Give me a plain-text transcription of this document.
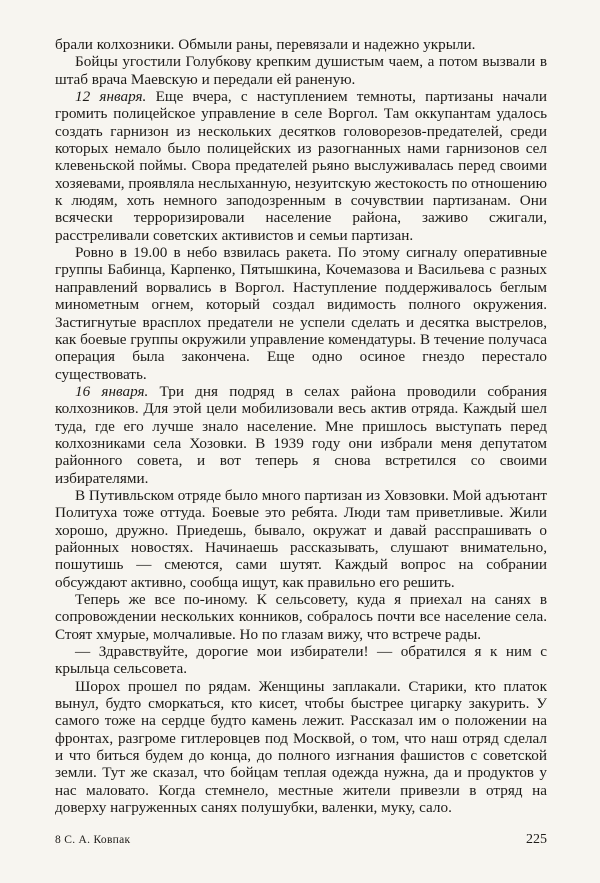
брали колхозники. Обмыли раны, перевязали и надежно укрыли.

Бойцы угостили Голубкову крепким душистым чаем, а потом вызвали в штаб врача Маевскую и передали ей раненую.

12 января. Еще вчера, с наступлением темноты, партизаны начали громить полицейское управление в селе Воргол. Там оккупантам удалось создать гарнизон из нескольких десятков головорезов-предателей, среди которых немало было полицейских из разогнанных нами гарнизонов сел клевеньской поймы. Свора предателей рьяно выслуживалась перед своими хозяевами, проявляла неслыханную, незуитскую жестокость по отношению к людям, хоть немного заподозренным в сочувствии партизанам. Они всячески терроризировали население района, заживо сжигали, расстреливали советских активистов и семьи партизан.

Ровно в 19.00 в небо взвилась ракета. По этому сигналу оперативные группы Бабинца, Карпенко, Пятышкина, Кочемазова и Васильева с разных направлений ворвались в Воргол. Наступление поддерживалось беглым минометным огнем, который создал видимость полного окружения. Застигнутые врасплох предатели не успели сделать и десятка выстрелов, как боевые группы окружили управление комендатуры. В течение получаса операция была закончена. Еще одно осиное гнездо перестало существовать.

16 января. Три дня подряд в селах района проводили собрания колхозников. Для этой цели мобилизовали весь актив отряда. Каждый шел туда, где его лучше знало население. Мне пришлось выступать перед колхозниками села Хозовки. В 1939 году они избрали меня депутатом районного совета, и вот теперь я снова встретился со своими избирателями.

В Путивльском отряде было много партизан из Ховзовки. Мой адъютант Политуха тоже оттуда. Боевые это ребята. Люди там приветливые. Жили хорошо, дружно. Приедешь, бывало, окружат и давай расспрашивать о районных новостях. Начинаешь рассказывать, слушают внимательно, пошутишь — смеются, сами шутят. Каждый вопрос на собрании обсуждают активно, сообща ищут, как правильно его решить.

Теперь же все по-иному. К сельсовету, куда я приехал на санях в сопровождении нескольких конников, собралось почти все население села. Стоят хмурые, молчаливые. Но по глазам вижу, что встрече рады.

— Здравствуйте, дорогие мои избиратели! — обратился я к ним с крыльца сельсовета.

Шорох прошел по рядам. Женщины заплакали. Старики, кто платок вынул, будто сморкаться, кто кисет, чтобы быстрее цигарку закурить. У самого тоже на сердце будто камень лежит. Рассказал им о положении на фронтах, разгроме гитлеровцев под Москвой, о том, что наш отряд сделал и что биться будем до конца, до полного изгнания фашистов с советской земли. Тут же сказал, что бойцам теплая одежда нужна, да и продуктов у нас маловато. Когда стемнело, местные жители привезли в отряд на доверху нагруженных санях полушубки, валенки, муку, сало.

8 С. А. Ковпак	225
